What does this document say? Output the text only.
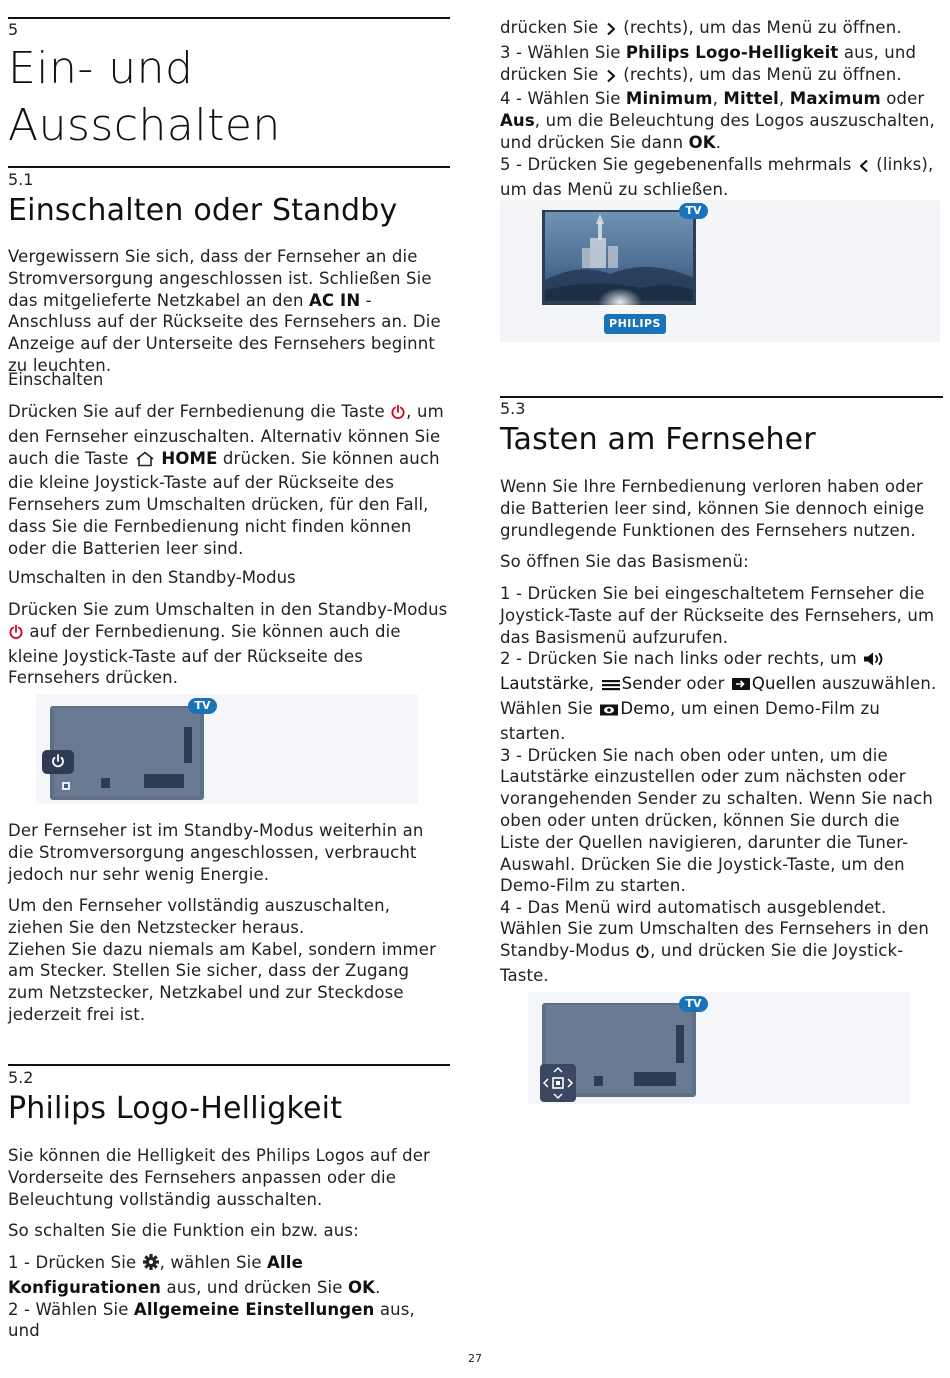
5
Ein- und
Ausschalten
5.1
Einschalten oder Standby

Vergewissern Sie sich, dass der Fernseher an die Stromversorgung angeschlossen ist. Schließen Sie das mitgelieferte Netzkabel an den AC IN -Anschluss auf der Rückseite des Fernsehers an. Die Anzeige auf der Unterseite des Fernsehers beginnt zu leuchten.

Einschalten

Drücken Sie auf der Fernbedienung die Taste , um den Fernseher einzuschalten. Alternativ können Sie auch die Taste  HOME drücken. Sie können auch die kleine Joystick-Taste auf der Rückseite des Fernsehers zum Umschalten drücken, für den Fall, dass Sie die Fernbedienung nicht finden können oder die Batterien leer sind.

Umschalten in den Standby-Modus

Drücken Sie zum Umschalten in den Standby-Modus  auf der Fernbedienung. Sie können auch die kleine Joystick-Taste auf der Rückseite des Fernsehers drücken.

TV

Der Fernseher ist im Standby-Modus weiterhin an die Stromversorgung angeschlossen, verbraucht jedoch nur sehr wenig Energie.

Um den Fernseher vollständig auszuschalten, ziehen Sie den Netzstecker heraus.
Ziehen Sie dazu niemals am Kabel, sondern immer am Stecker. Stellen Sie sicher, dass der Zugang zum Netzstecker, Netzkabel und zur Steckdose jederzeit frei ist.

5.2
Philips Logo-Helligkeit

Sie können die Helligkeit des Philips Logos auf der Vorderseite des Fernsehers anpassen oder die Beleuchtung vollständig ausschalten.

So schalten Sie die Funktion ein bzw. aus:

1 - Drücken Sie , wählen Sie Alle Konfigurationen aus, und drücken Sie OK.
2 - Wählen Sie Allgemeine Einstellungen aus, und

drücken Sie  (rechts), um das Menü zu öffnen.
3 - Wählen Sie Philips Logo-Helligkeit aus, und drücken Sie  (rechts), um das Menü zu öffnen.
4 - Wählen Sie Minimum, Mittel, Maximum oder Aus, um die Beleuchtung des Logos auszuschalten, und drücken Sie dann OK.
5 - Drücken Sie gegebenenfalls mehrmals  (links), um das Menü zu schließen.

TV
PHILIPS
5.3
Tasten am Fernseher

Wenn Sie Ihre Fernbedienung verloren haben oder die Batterien leer sind, können Sie dennoch einige grundlegende Funktionen des Fernsehers nutzen.

So öffnen Sie das Basismenü:

1 - Drücken Sie bei eingeschaltetem Fernseher die Joystick-Taste auf der Rückseite des Fernsehers, um das Basismenü aufzurufen.
2 - Drücken Sie nach links oder rechts, um
Lautstärke, Sender oder Quellen auszuwählen. Wählen Sie Demo, um einen Demo-Film zu starten.
3 - Drücken Sie nach oben oder unten, um die Lautstärke einzustellen oder zum nächsten oder vorangehenden Sender zu schalten. Wenn Sie nach oben oder unten drücken, können Sie durch die Liste der Quellen navigieren, darunter die Tuner-Auswahl. Drücken Sie die Joystick-Taste, um den Demo-Film zu starten.
4 - Das Menü wird automatisch ausgeblendet.

Wählen Sie zum Umschalten des Fernsehers in den Standby-Modus , und drücken Sie die Joystick-Taste.

TV
27
